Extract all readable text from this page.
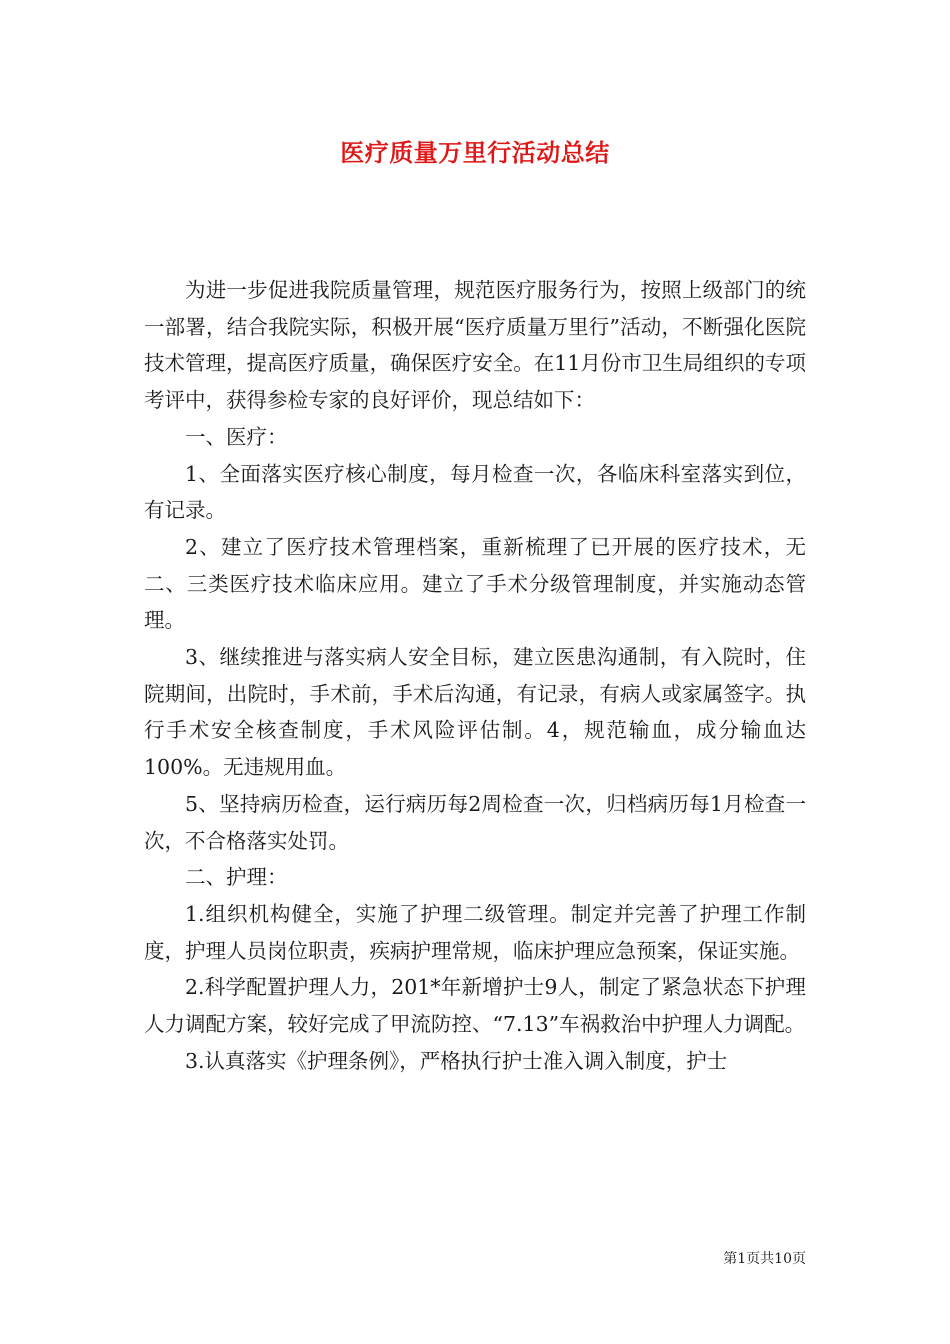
医疗质量万里行活动总结

为进一步促进我院质量管理，规范医疗服务行为，按照上级部门的统一部署，结合我院实际，积极开展“医疗质量万里行”活动，不断强化医院技术管理，提高医疗质量，确保医疗安全。在11月份市卫生局组织的专项考评中，获得参检专家的良好评价，现总结如下：

一、医疗：

1、全面落实医疗核心制度，每月检查一次，各临床科室落实到位，有记录。

2、建立了医疗技术管理档案，重新梳理了已开展的医疗技术，无二、三类医疗技术临床应用。建立了手术分级管理制度，并实施动态管理。

3、继续推进与落实病人安全目标，建立医患沟通制，有入院时，住院期间，出院时，手术前，手术后沟通，有记录，有病人或家属签字。执行手术安全核查制度，手术风险评估制。4，规范输血，成分输血达100%。无违规用血。

5、坚持病历检查，运行病历每2周检查一次，归档病历每1月检查一次，不合格落实处罚。

二、护理：

1.组织机构健全，实施了护理二级管理。制定并完善了护理工作制度，护理人员岗位职责，疾病护理常规，临床护理应急预案，保证实施。

2.科学配置护理人力，201*年新增护士9人，制定了紧急状态下护理人力调配方案，较好完成了甲流防控、“7.13”车祸救治中护理人力调配。

3.认真落实《护理条例》，严格执行护士准入调入制度，护士

第1页共10页
